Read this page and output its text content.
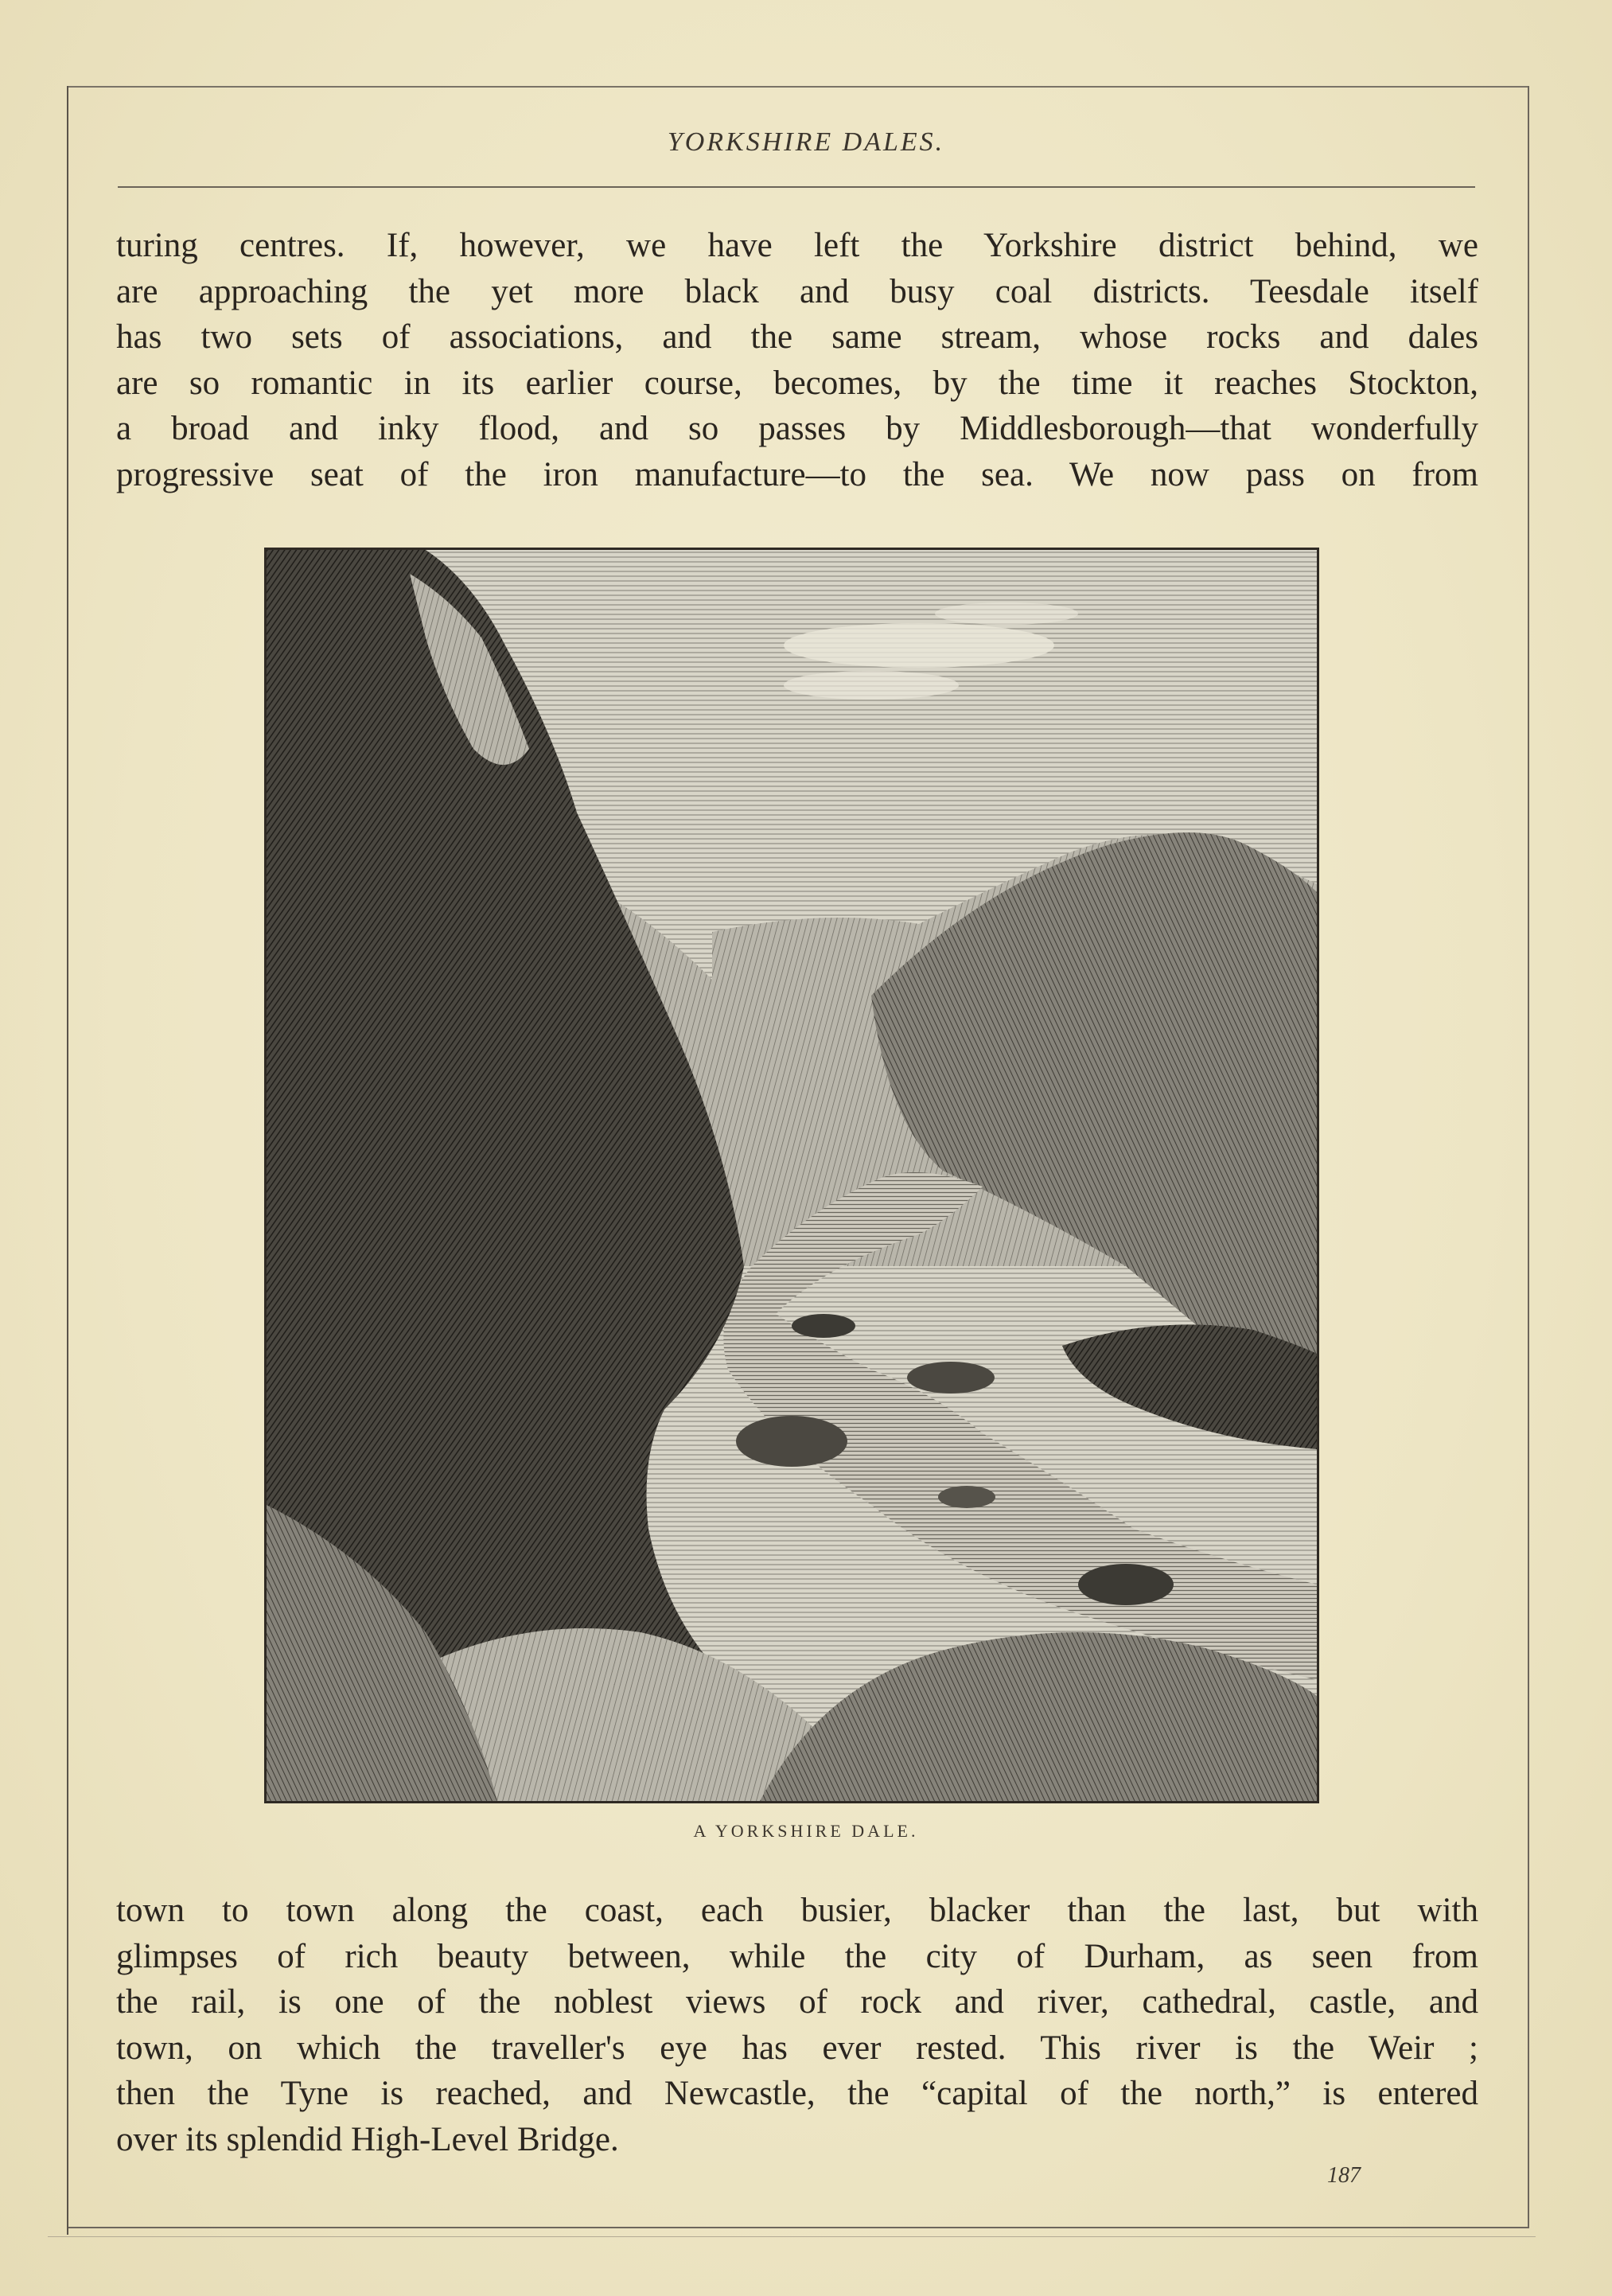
YORKSHIRE DALES.
turing centres. If, however, we have left the Yorkshire district behind, we
are approaching the yet more black and busy coal districts. Teesdale itself
has two sets of associations, and the same stream, whose rocks and dales
are so romantic in its earlier course, becomes, by the time it reaches Stockton,
a broad and inky flood, and so passes by Middlesborough—that wonderfully
progressive seat of the iron manufacture—to the sea. We now pass on from
A YORKSHIRE DALE.
town to town along the coast, each busier, blacker than the last, but with
glimpses of rich beauty between, while the city of Durham, as seen from
the rail, is one of the noblest views of rock and river, cathedral, castle, and
town, on which the traveller's eye has ever rested. This river is the Weir ;
then the Tyne is reached, and Newcastle, the “capital of the north,” is entered
over its splendid High-Level Bridge.
187
